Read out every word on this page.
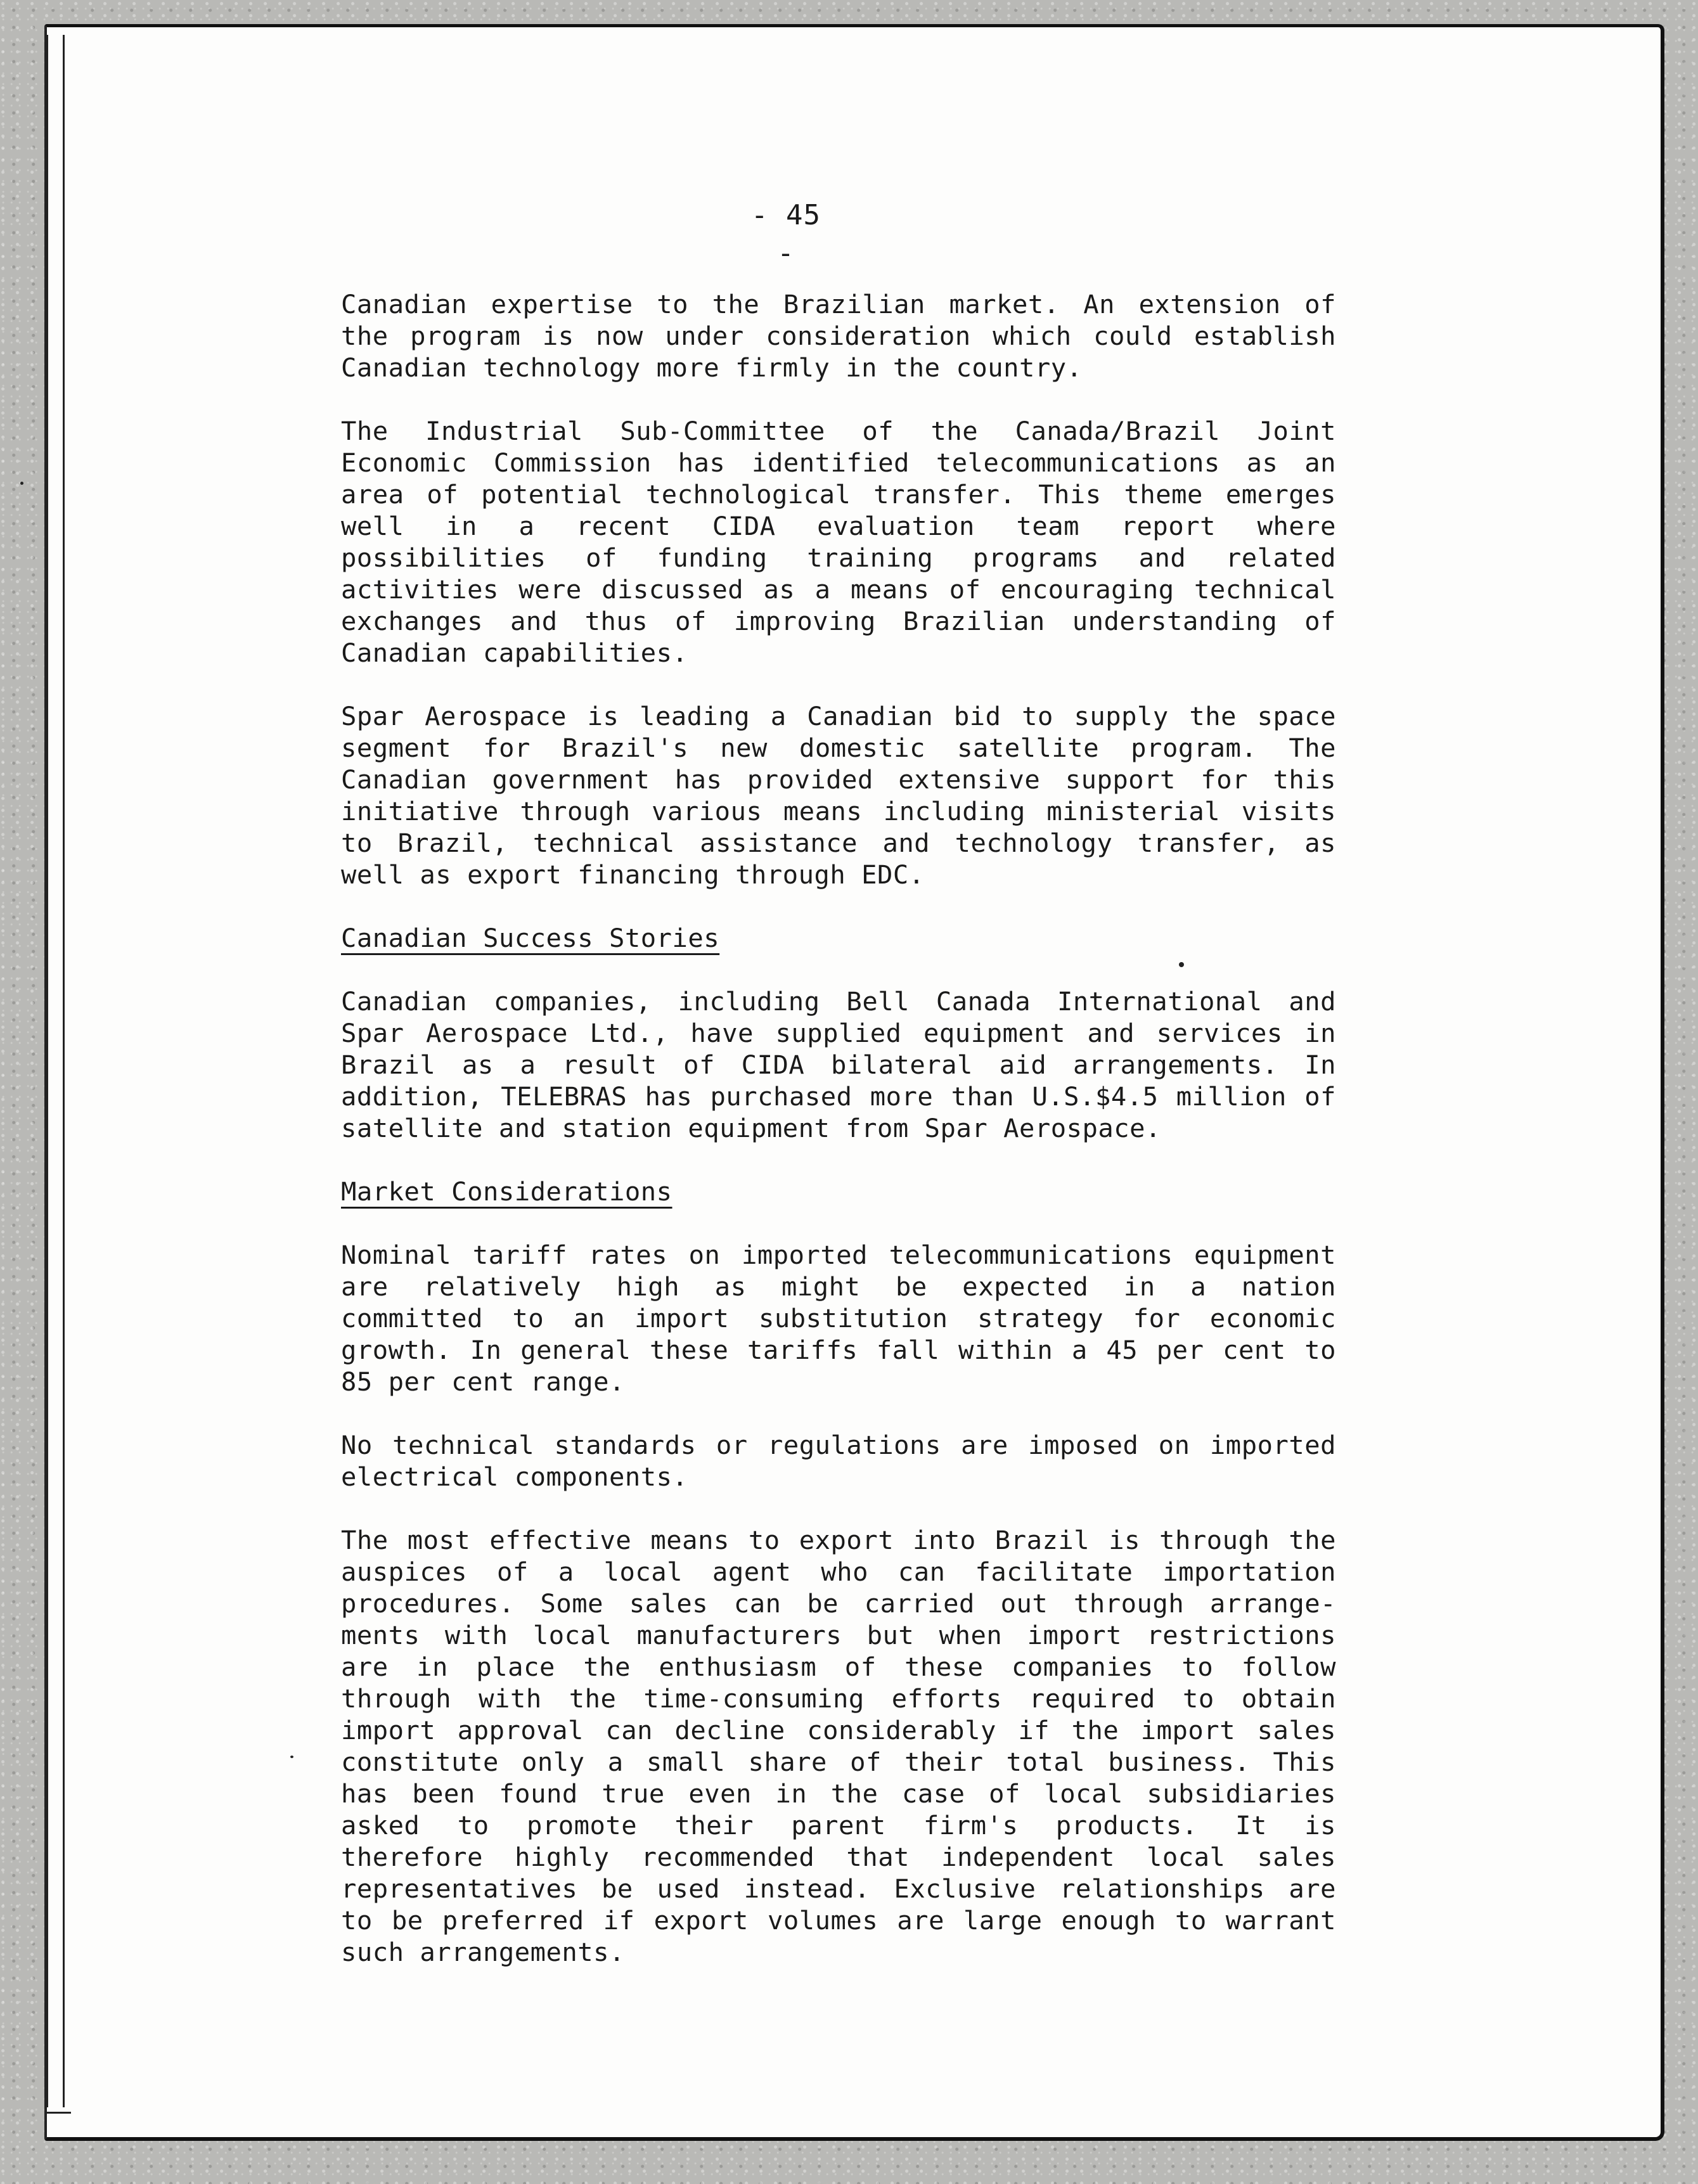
- 45 -
Canadian expertise to the Brazilian market. An extension of
the program is now under consideration which could establish
Canadian technology more firmly in the country.
The Industrial Sub-Committee of the Canada/Brazil Joint
Economic Commission has identified telecommunications as an
area of potential technological transfer. This theme emerges
well in a recent CIDA evaluation team report where
possibilities of funding training programs and related
activities were discussed as a means of encouraging technical
exchanges and thus of improving Brazilian understanding of
Canadian capabilities.
Spar Aerospace is leading a Canadian bid to supply the space
segment for Brazil's new domestic satellite program. The
Canadian government has provided extensive support for this
initiative through various means including ministerial visits
to Brazil, technical assistance and technology transfer, as
well as export financing through EDC.
Canadian Success Stories
Canadian companies, including Bell Canada International and
Spar Aerospace Ltd., have supplied equipment and services in
Brazil as a result of CIDA bilateral aid arrangements. In
addition, TELEBRAS has purchased more than U.S.$4.5 million of
satellite and station equipment from Spar Aerospace.
Market Considerations
Nominal tariff rates on imported telecommunications equipment
are relatively high as might be expected in a nation
committed to an import substitution strategy for economic
growth. In general these tariffs fall within a 45 per cent to
85 per cent range.
No technical standards or regulations are imposed on imported
electrical components.
The most effective means to export into Brazil is through the
auspices of a local agent who can facilitate importation
procedures. Some sales can be carried out through arrange-
ments with local manufacturers but when import restrictions
are in place the enthusiasm of these companies to follow
through with the time-consuming efforts required to obtain
import approval can decline considerably if the import sales
constitute only a small share of their total business. This
has been found true even in the case of local subsidiaries
asked to promote their parent firm's products. It is
therefore highly recommended that independent local sales
representatives be used instead. Exclusive relationships are
to be preferred if export volumes are large enough to warrant
such arrangements.
